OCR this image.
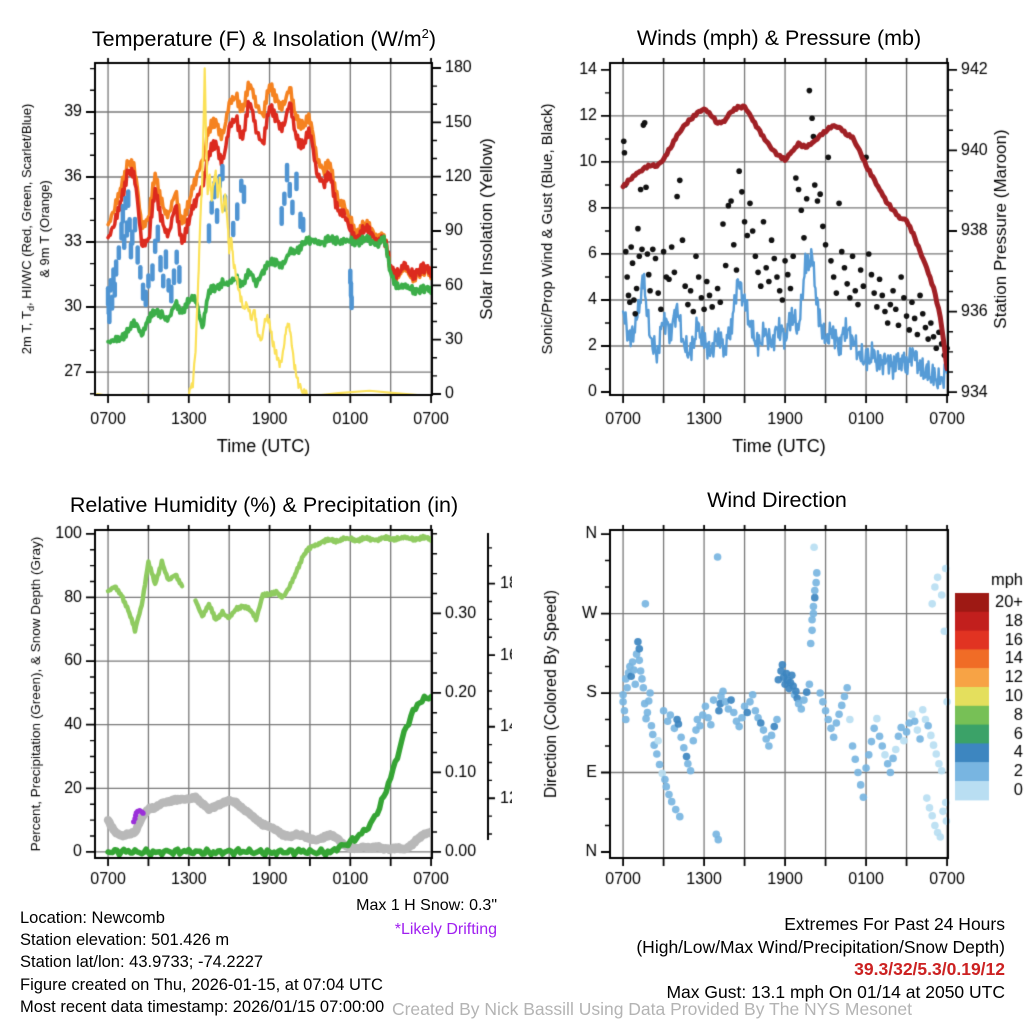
Temperature (F) & Insolation $(W/m^2)$	Winds (mph) & Pressure (mb)
Relative Humidity (%) & Precipitation (in)	Wind Direction
Location: Newcomb
Station elevation: 501.426 m
Station lat/lon: 43.9733; -74.2227
Figure created on Thu, 2026-01-15, at 07:04 UTC
Most recent data timestamp: 2026/01/15 07:00:00
Max 1 H Snow: 0.3"
*Likely Drifting	Extremes For Past 24 Hours
(High/Low/Max Wind/Precipitation/Snow Depth)
39.3/32/5.3/0.19/12
Max Gust: 13.1 mph On 01/14 at 2050 UTC
Created By Nick Bassill Using Data Provided By The NYS Mesonet
